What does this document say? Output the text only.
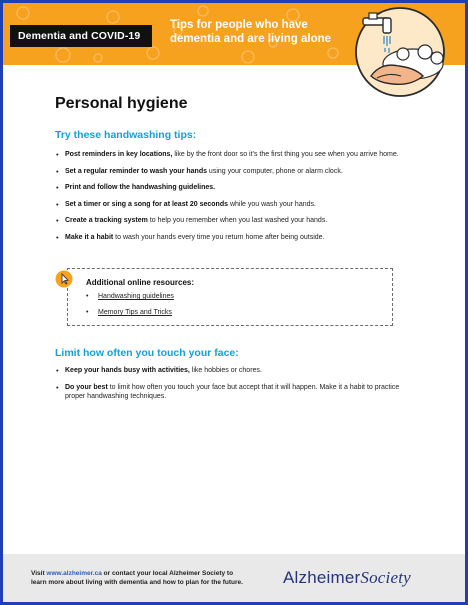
Dementia and COVID-19
Tips for people who have
dementia and are living alone
Personal hygiene
Try these handwashing tips:
• Post reminders in key locations, like by the front door so it’s the first thing you see when you arrive home.
• Set a regular reminder to wash your hands using your computer, phone or alarm clock.
• Print and follow the handwashing guidelines.
• Set a timer or sing a song for at least 20 seconds while you wash your hands.
• Create a tracking system to help you remember when you last washed your hands.
• Make it a habit to wash your hands every time you return home after being outside.
Additional online resources:
• Handwashing guidelines
• Memory Tips and Tricks
Limit how often you touch your face:
• Keep your hands busy with activities, like hobbies or chores.
• Do your best to limit how often you touch your face but accept that it will happen. Make it a habit to practice proper handwashing techniques.
Visit www.alzheimer.ca or contact your local Alzheimer Society to
learn more about living with dementia and how to plan for the future.	AlzheimerSociety
